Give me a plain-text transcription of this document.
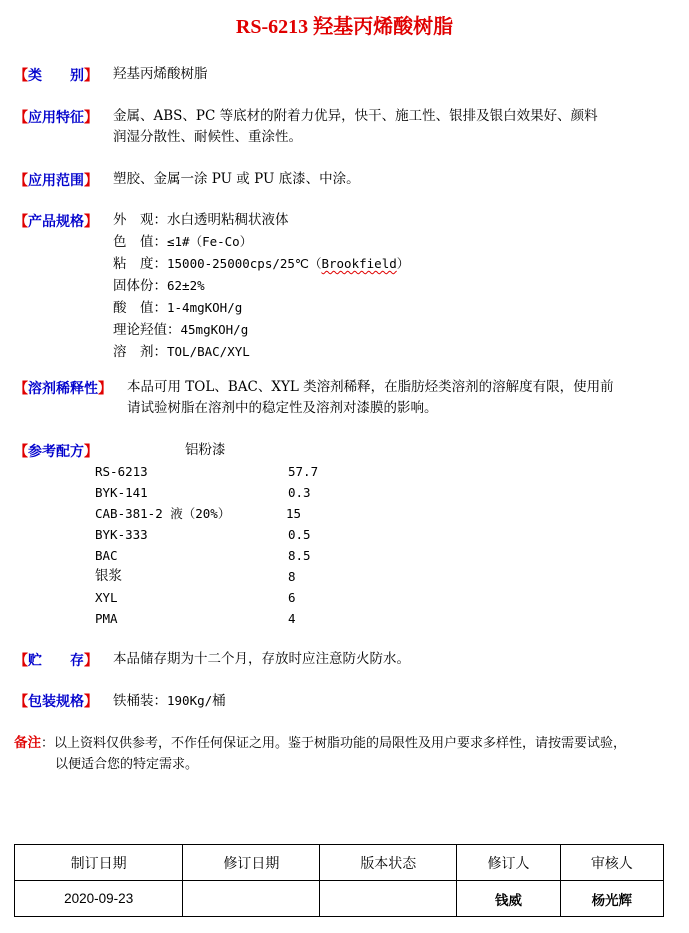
RS-6213 羟基丙烯酸树脂
【类　　别】 羟基丙烯酸树脂
【应用特征】 金属、ABS、PC 等底材的附着力优异，快干、施工性、银排及银白效果好、颜料
润湿分散性、耐候性、重涂性。
【应用范围】 塑胶、金属一涂 PU 或 PU 底漆、中涂。
【产品规格】 外　观：水白透明粘稠状液体
色　值：≤1#（Fe-Co）
粘　度：15000-25000cps/25℃（Brookfield）
固体份：62±2%
酸　值：1-4mgKOH/g
理论羟值：45mgKOH/g
溶　剂：TOL/BAC/XYL
【溶剂稀释性】 本品可用 TOL、BAC、XYL 类溶剂稀释，在脂肪烃类溶剂的溶解度有限，使用前
请试验树脂在溶剂中的稳定性及溶剂对漆膜的影响。
【参考配方】	铝粉漆
RS-6213	57.7
BYK-141	0.3
CAB-381-2 液（20%）	15
BYK-333	0.5
BAC	8.5
银浆	8
XYL	6
PMA	4
【贮　　存】 本品储存期为十二个月，存放时应注意防火防水。
【包装规格】 铁桶装：190Kg/桶
备注：以上资料仅供参考，不作任何保证之用。鉴于树脂功能的局限性及用户要求多样性，请按需要试验，
以便适合您的特定需求。
制订日期	修订日期	版本状态	修订人	审核人
2020-09-23			钱威	杨光辉
